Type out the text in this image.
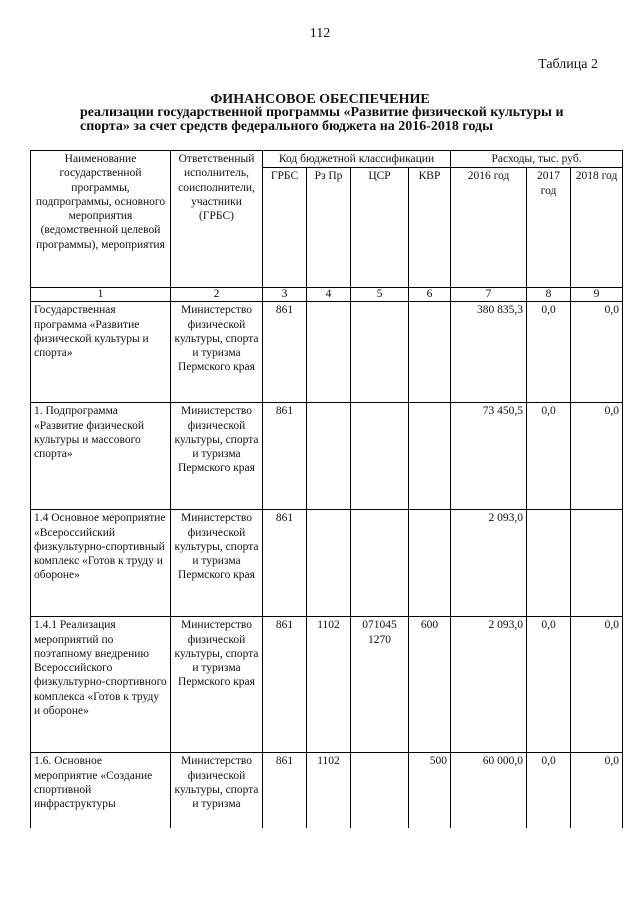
112
Таблица 2
ФИНАНСОВОЕ ОБЕСПЕЧЕНИЕ
реализации государственной программы «Развитие физической культуры и спорта» за счет средств федерального бюджета на 2016-2018 годы
Наименование государственной программы, подпрограммы, основного мероприятия (ведомственной целевой программы), мероприятия	Ответственный исполнитель, соисполнители, участники (ГРБС)	Код бюджетной классификации				Расходы, тыс. руб.		
		ГРБС	Рз Пр	ЦСР	КВР	2016 год	2017 год	2018 год
1	2	3	4	5	6	7	8	9
Государственная программа «Развитие физической культуры и спорта»	Министерство физической культуры, спорта и туризма Пермского края	861				380 835,3	0,0	0,0
1. Подпрограмма «Развитие физической культуры и массового спорта»	Министерство физической культуры, спорта и туризма Пермского края	861				73 450,5	0,0	0,0
1.4 Основное мероприятие «Всероссийский физкультурно-спортивный комплекс «Готов к труду и обороне»	Министерство физической культуры, спорта и туризма Пермского края	861				2 093,0		
1.4.1 Реализация мероприятий по поэтапному внедрению Всероссийского физкультурно-спортивного комплекса «Готов к труду и обороне»	Министерство физической культуры, спорта и туризма Пермского края	861	1102	071045 1270	600	2 093,0	0,0	0,0
1.6. Основное мероприятие «Создание спортивной инфраструктуры	Министерство физической культуры, спорта и туризма	861	1102		500	60 000,0	0,0	0,0
